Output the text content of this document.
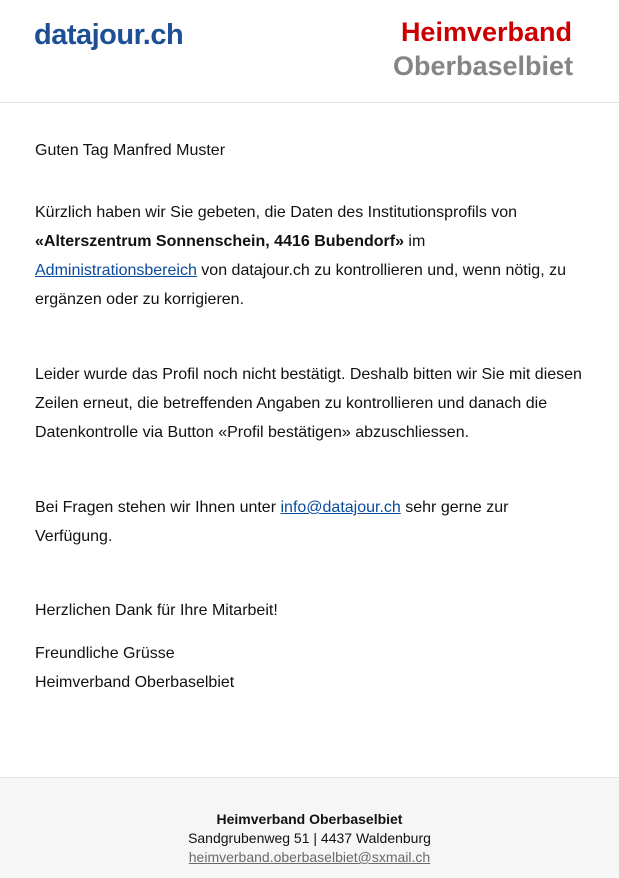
datajour.ch	Heimverband
Oberbaselbiet

Guten Tag Manfred Muster

Kürzlich haben wir Sie gebeten, die Daten des Institutionsprofils von
«Alterszentrum Sonnenschein, 4416 Bubendorf» im
Administrationsbereich von datajour.ch zu kontrollieren und, wenn nötig, zu ergänzen oder zu korrigieren.

Leider wurde das Profil noch nicht bestätigt. Deshalb bitten wir Sie mit diesen Zeilen erneut, die betreffenden Angaben zu kontrollieren und danach die Datenkontrolle via Button «Profil bestätigen» abzuschliessen.

Bei Fragen stehen wir Ihnen unter info@datajour.ch sehr gerne zur Verfügung.

Herzlichen Dank für Ihre Mitarbeit!

Freundliche Grüsse

Heimverband Oberbaselbiet

Heimverband Oberbaselbiet
Sandgrubenweg 51 | 4437 Waldenburg
heimverband.oberbaselbiet@sxmail.ch
